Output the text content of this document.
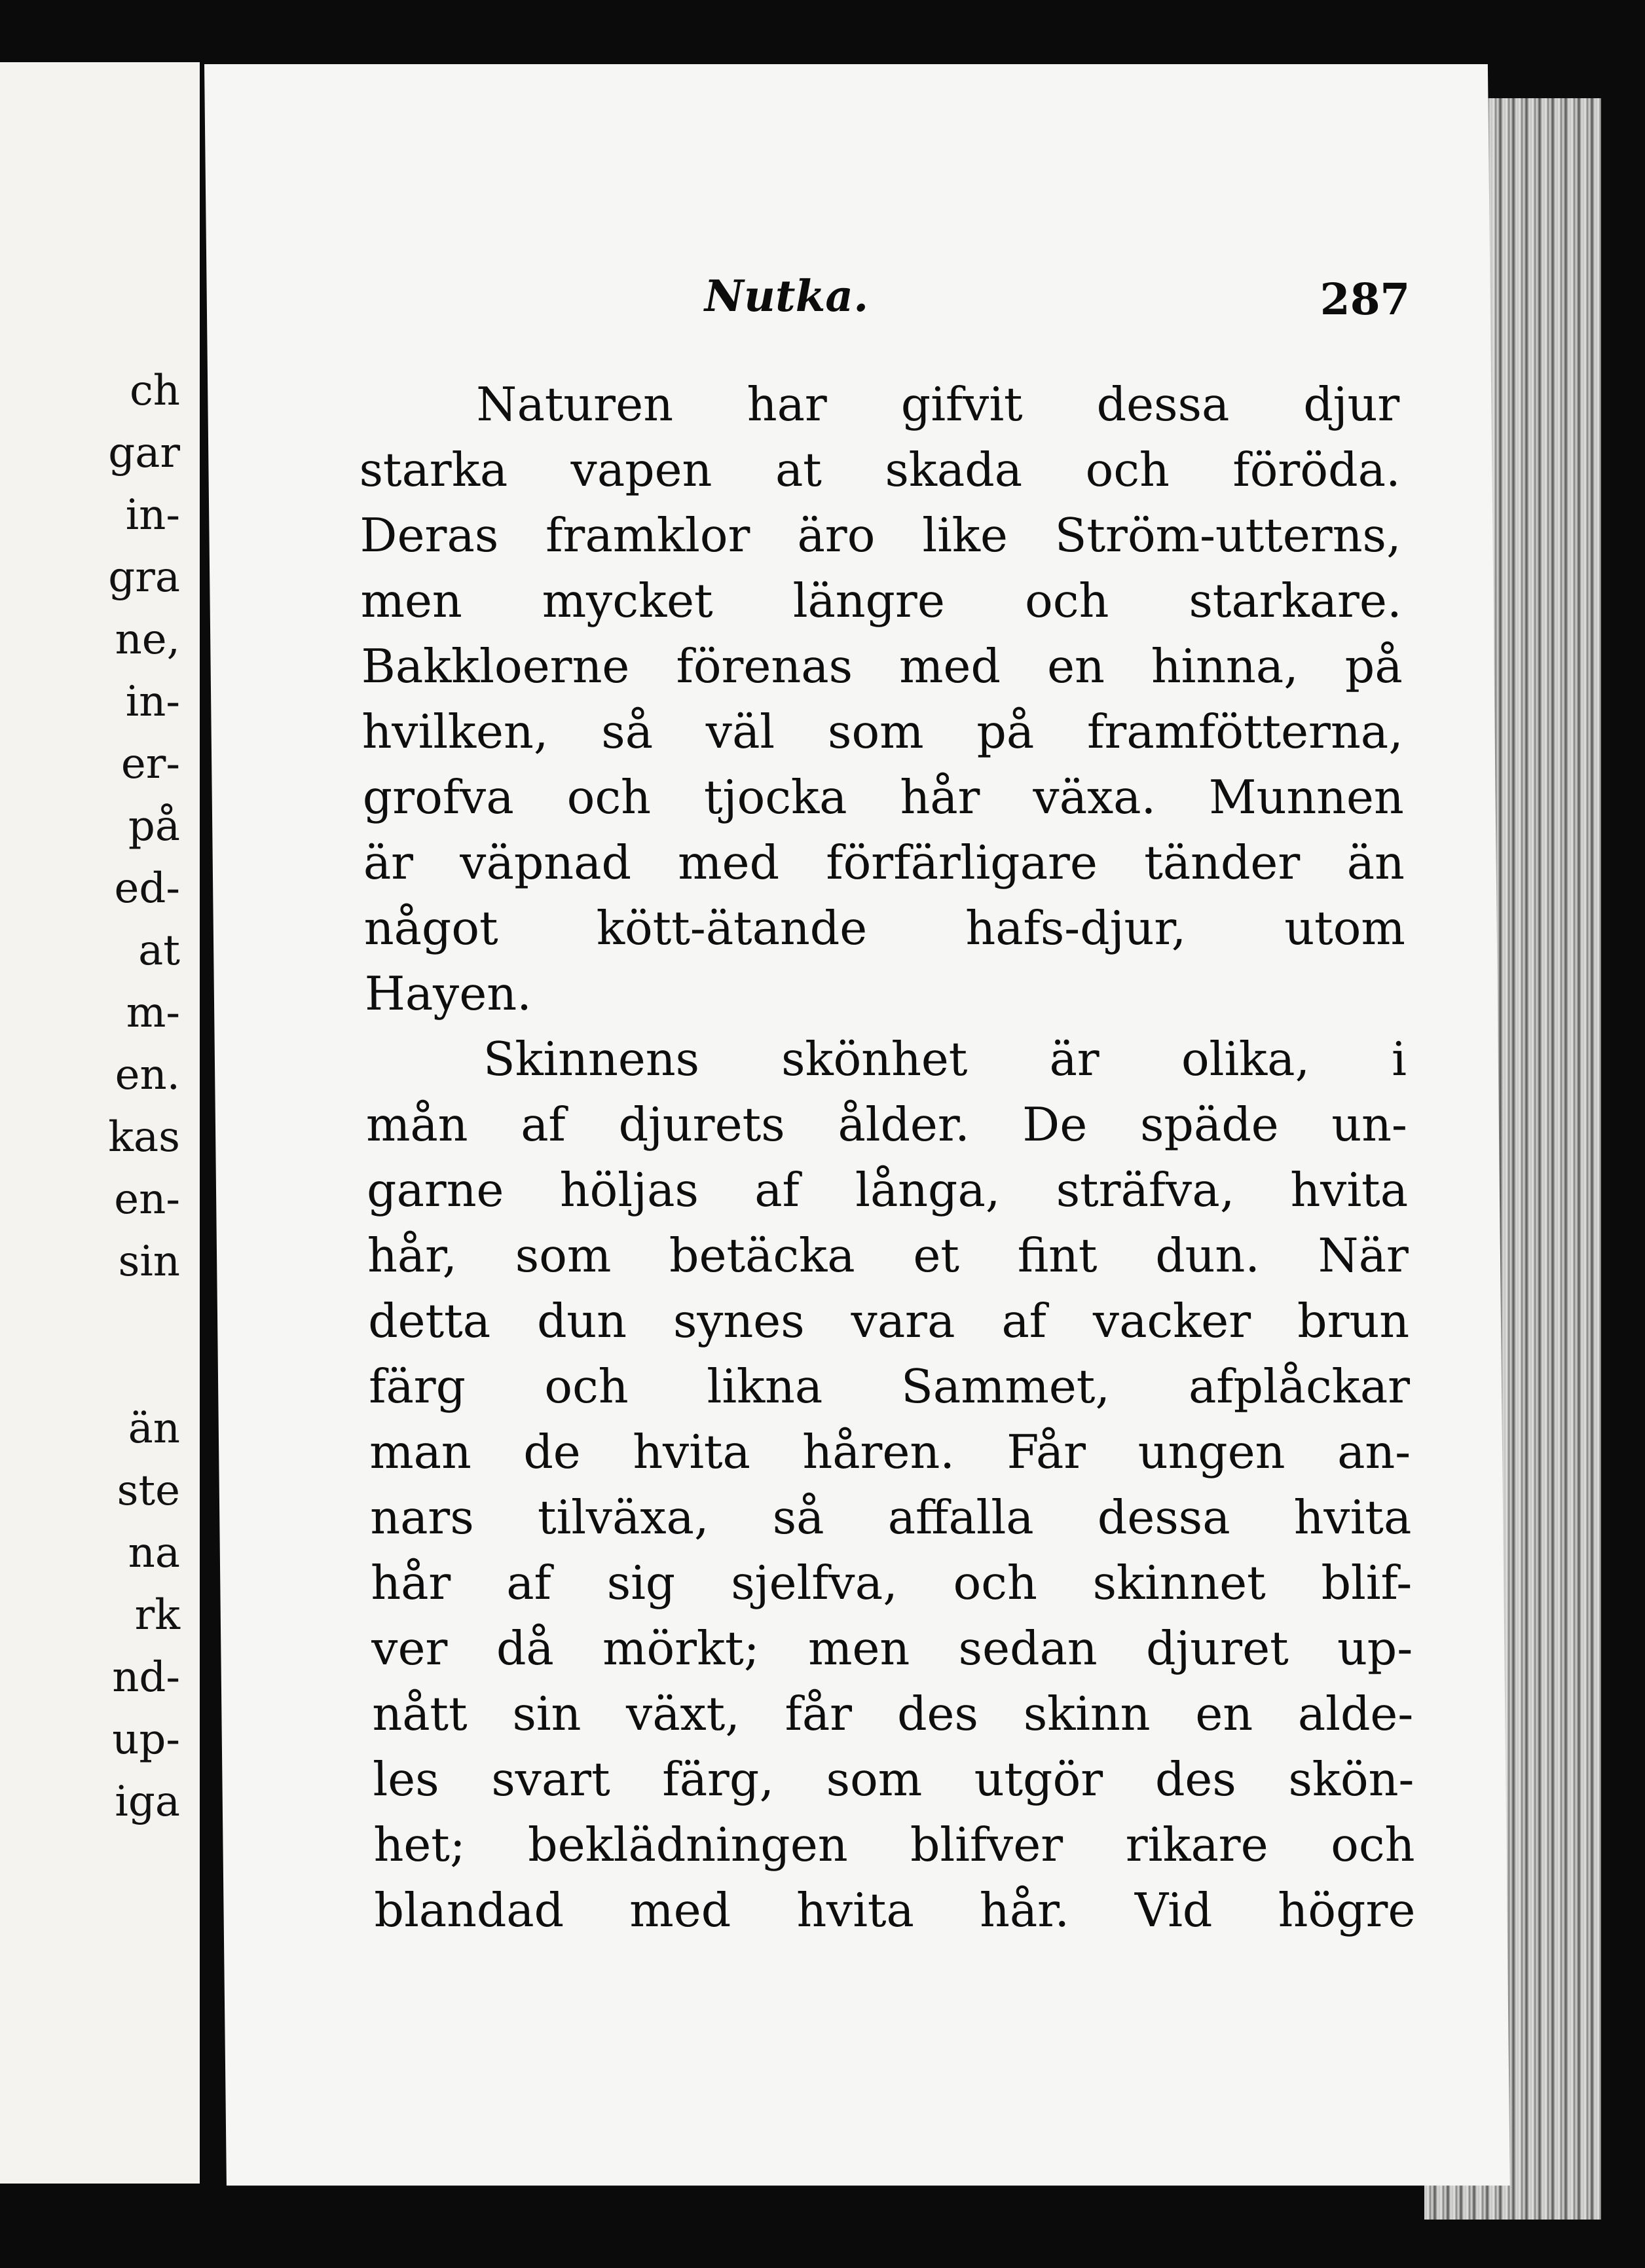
ch
gar
in-
gra
ne,
in-
er-
på
ed-
at
m-
en.
kas
en-
sin
än
ste
na
rk
nd-
up-
iga
Nutka.	287
Naturen har gifvit dessa djur
starka vapen at skada och föröda.
Deras framklor äro like Ström-utterns,
men mycket längre och starkare.
Bakkloerne förenas med en hinna, på
hvilken, så väl som på framfötterna,
grofva och tjocka hår växa. Munnen
är väpnad med förfärligare tänder än
något kött-ätande hafs-djur, utom
Hayen.
Skinnens skönhet är olika, i
mån af djurets ålder. De späde un-
garne höljas af långa, sträfva, hvita
hår, som betäcka et fint dun. När
detta dun synes vara af vacker brun
färg och likna Sammet, afplåckar
man de hvita håren. Får ungen an-
nars tilväxa, så affalla dessa hvita
hår af sig sjelfva, och skinnet blif-
ver då mörkt; men sedan djuret up-
nått sin växt, får des skinn en alde-
les svart färg, som utgör des skön-
het; beklädningen blifver rikare och
blandad med hvita hår. Vid högre
